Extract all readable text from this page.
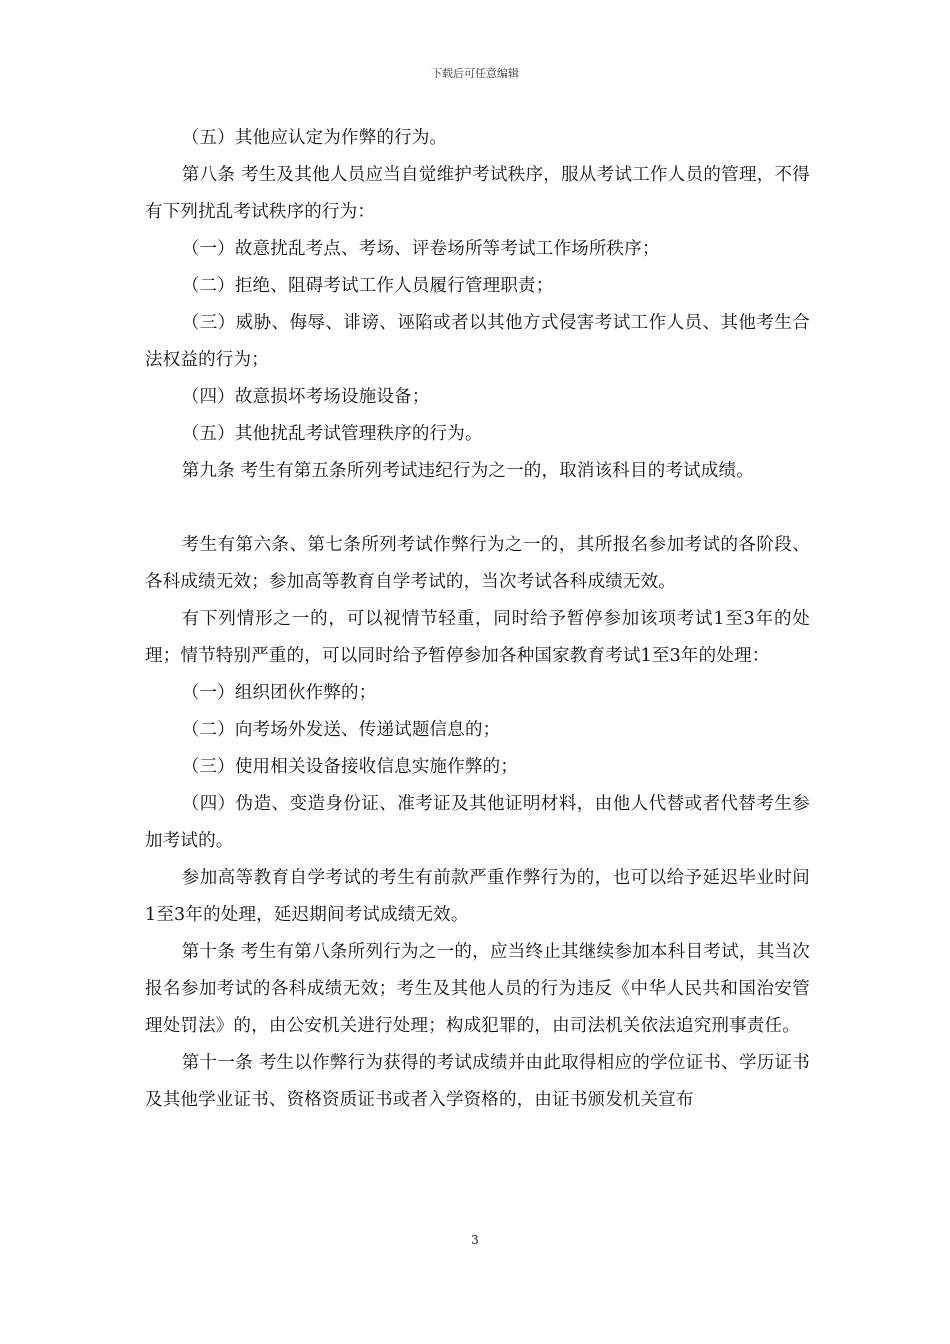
下载后可任意编辑

（五）其他应认定为作弊的行为。

第八条 考生及其他人员应当自觉维护考试秩序，服从考试工作人员的管理，不得有下列扰乱考试秩序的行为：

（一）故意扰乱考点、考场、评卷场所等考试工作场所秩序；

（二）拒绝、阻碍考试工作人员履行管理职责；

（三）威胁、侮辱、诽谤、诬陷或者以其他方式侵害考试工作人员、其他考生合法权益的行为；

（四）故意损坏考场设施设备；

（五）其他扰乱考试管理秩序的行为。

第九条 考生有第五条所列考试违纪行为之一的，取消该科目的考试成绩。

考生有第六条、第七条所列考试作弊行为之一的，其所报名参加考试的各阶段、各科成绩无效；参加高等教育自学考试的，当次考试各科成绩无效。

有下列情形之一的，可以视情节轻重，同时给予暂停参加该项考试1至3年的处理；情节特别严重的，可以同时给予暂停参加各种国家教育考试1至3年的处理：

（一）组织团伙作弊的；

（二）向考场外发送、传递试题信息的；

（三）使用相关设备接收信息实施作弊的；

（四）伪造、变造身份证、准考证及其他证明材料，由他人代替或者代替考生参加考试的。

参加高等教育自学考试的考生有前款严重作弊行为的，也可以给予延迟毕业时间1至3年的处理，延迟期间考试成绩无效。

第十条 考生有第八条所列行为之一的，应当终止其继续参加本科目考试，其当次报名参加考试的各科成绩无效；考生及其他人员的行为违反《中华人民共和国治安管理处罚法》的，由公安机关进行处理；构成犯罪的，由司法机关依法追究刑事责任。

第十一条 考生以作弊行为获得的考试成绩并由此取得相应的学位证书、学历证书及其他学业证书、资格资质证书或者入学资格的，由证书颁发机关宣布

3
